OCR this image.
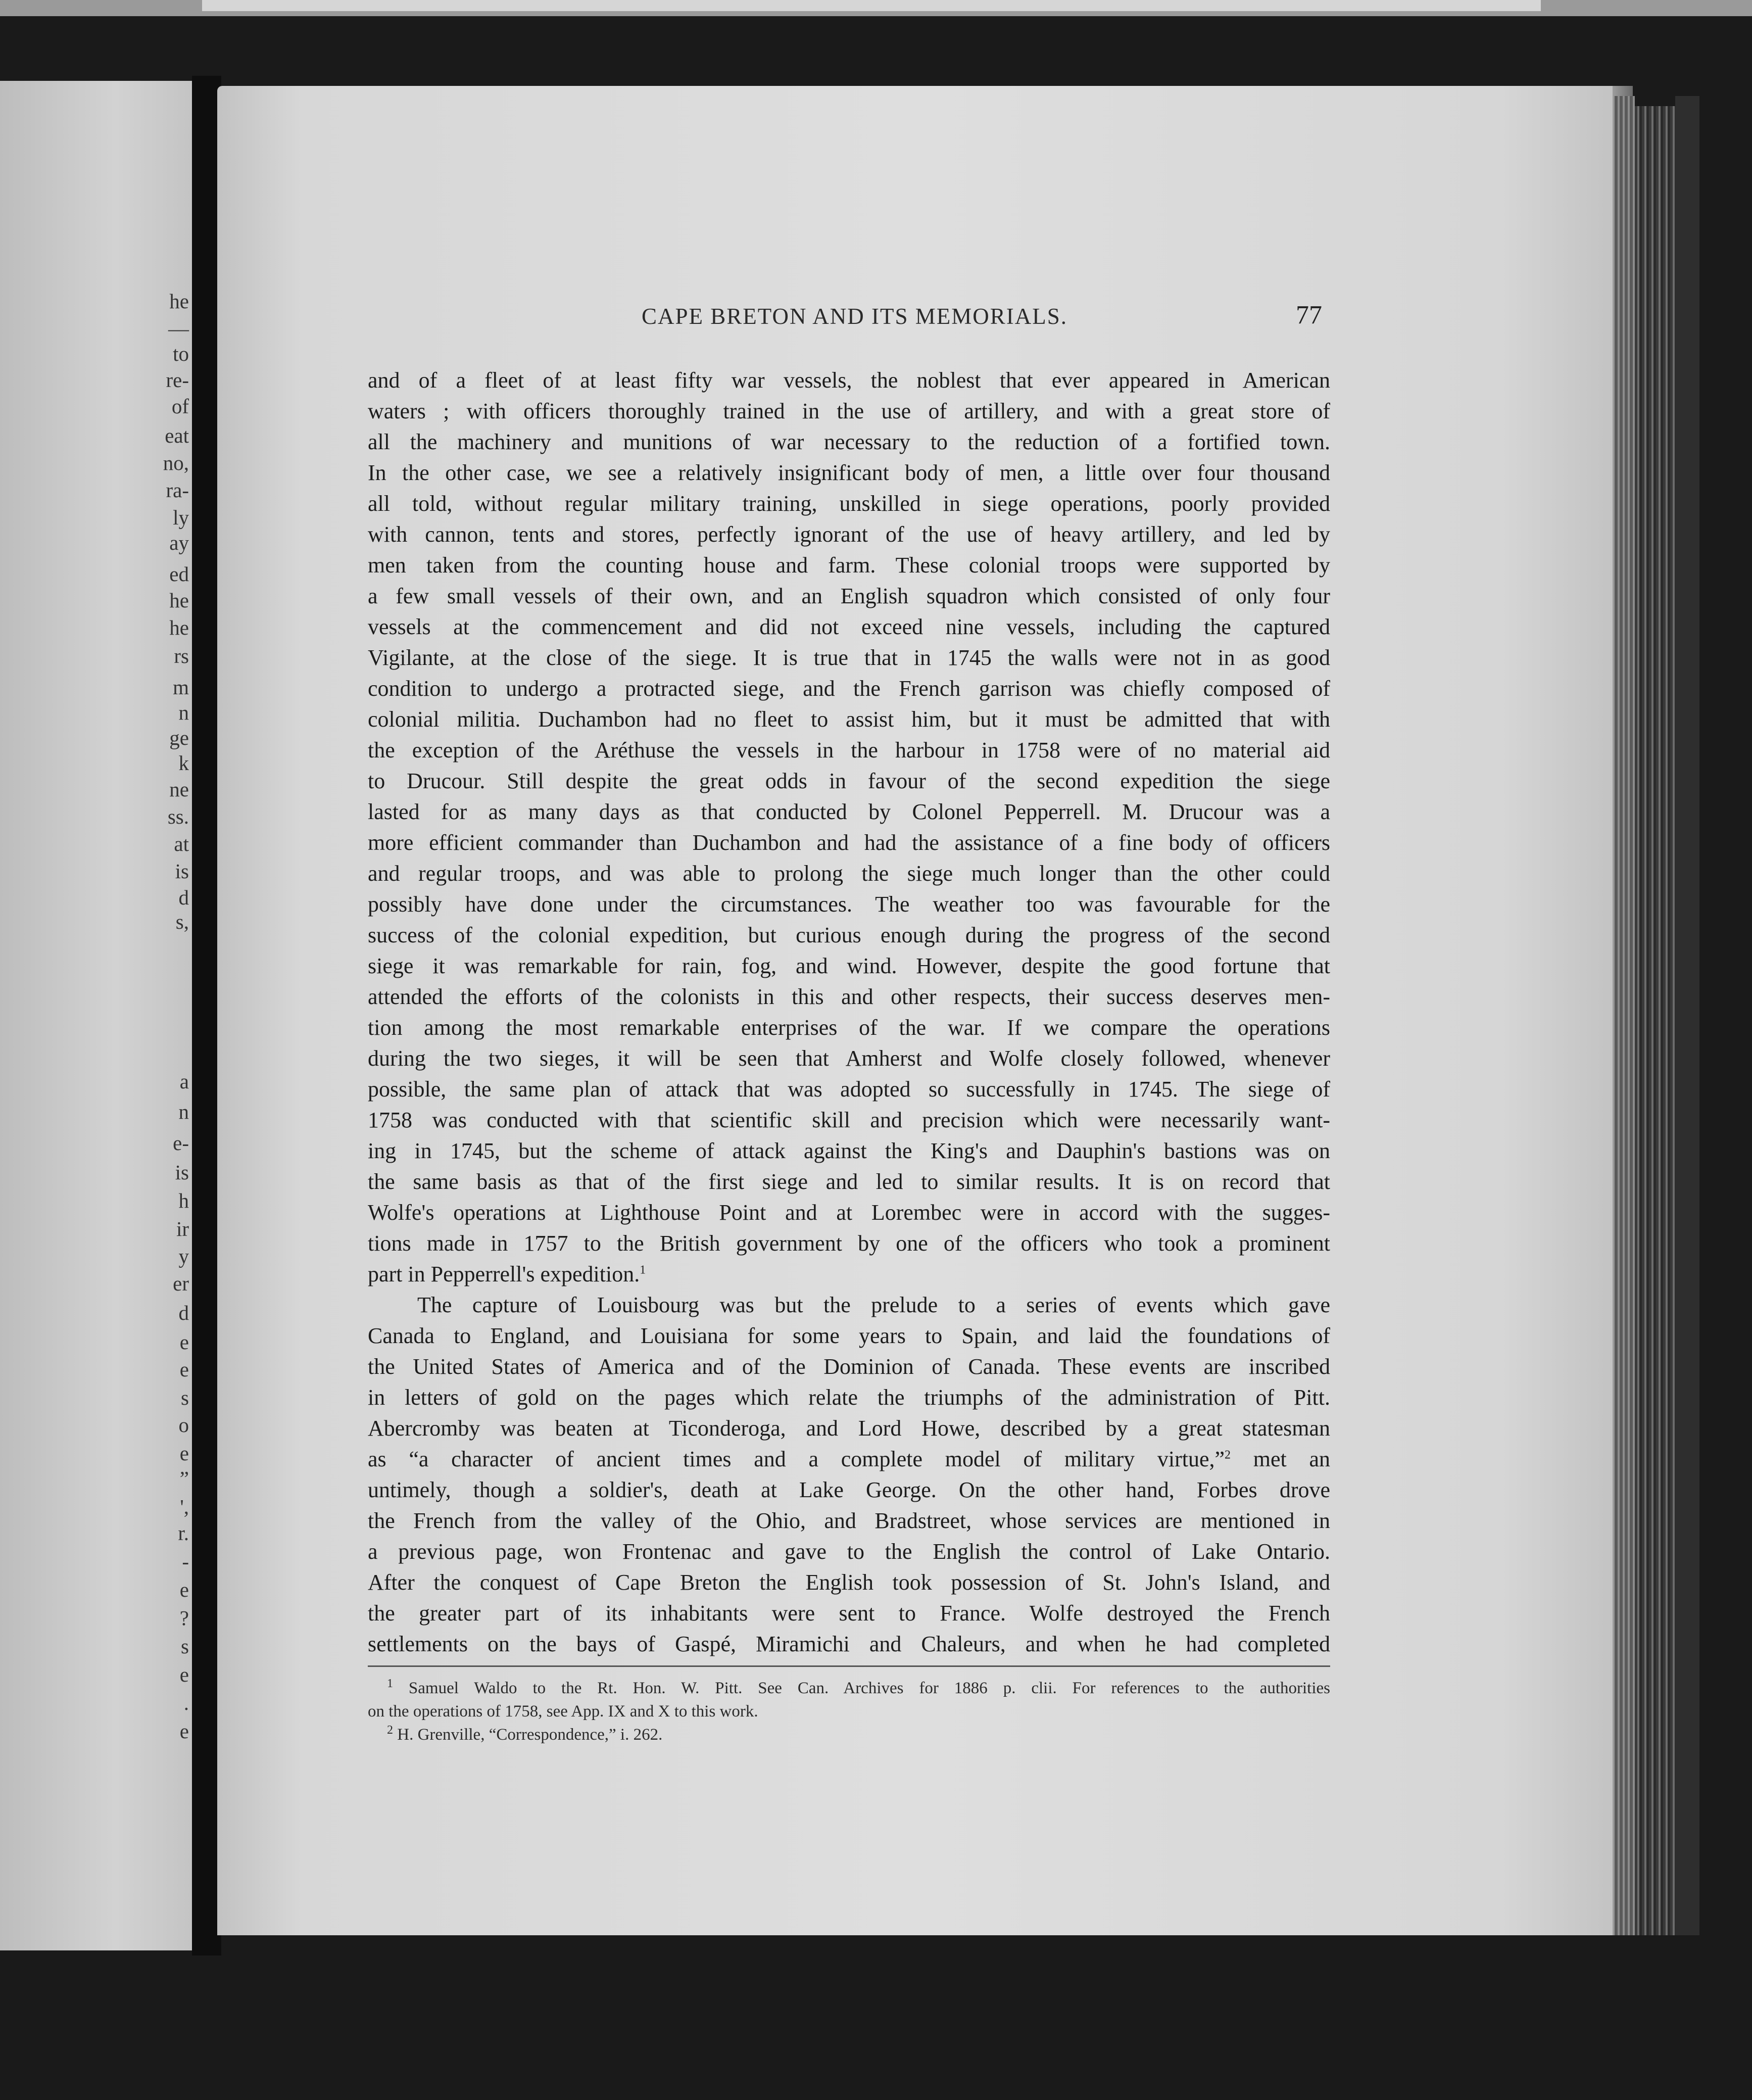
he
—
to
re-
of
eat
no,
ra-
ly
ay
ed
he
he
rs
m
n
ge
k
ne
ss.
at
is
d
s,
a
n
e-
is
h
ir
y
er
d
e
e
s
o
e
”
',
r.
-
e
?
s
e
.
e
CAPE BRETON AND ITS MEMORIALS.	77
and of a fleet of at least fifty war vessels, the noblest that ever appeared in American
waters ; with officers thoroughly trained in the use of artillery, and with a great store of
all the machinery and munitions of war necessary to the reduction of a fortified town.
In the other case, we see a relatively insignificant body of men, a little over four thousand
all told, without regular military training, unskilled in siege operations, poorly provided
with cannon, tents and stores, perfectly ignorant of the use of heavy artillery, and led by
men taken from the counting house and farm. These colonial troops were supported by
a few small vessels of their own, and an English squadron which consisted of only four
vessels at the commencement and did not exceed nine vessels, including the captured
Vigilante, at the close of the siege. It is true that in 1745 the walls were not in as good
condition to undergo a protracted siege, and the French garrison was chiefly composed of
colonial militia. Duchambon had no fleet to assist him, but it must be admitted that with
the exception of the Aréthuse the vessels in the harbour in 1758 were of no material aid
to Drucour. Still despite the great odds in favour of the second expedition the siege
lasted for as many days as that conducted by Colonel Pepperrell. M. Drucour was a
more efficient commander than Duchambon and had the assistance of a fine body of officers
and regular troops, and was able to prolong the siege much longer than the other could
possibly have done under the circumstances. The weather too was favourable for the
success of the colonial expedition, but curious enough during the progress of the second
siege it was remarkable for rain, fog, and wind. However, despite the good fortune that
attended the efforts of the colonists in this and other respects, their success deserves men-
tion among the most remarkable enterprises of the war. If we compare the operations
during the two sieges, it will be seen that Amherst and Wolfe closely followed, whenever
possible, the same plan of attack that was adopted so successfully in 1745. The siege of
1758 was conducted with that scientific skill and precision which were necessarily want-
ing in 1745, but the scheme of attack against the King's and Dauphin's bastions was on
the same basis as that of the first siege and led to similar results. It is on record that
Wolfe's operations at Lighthouse Point and at Lorembec were in accord with the sugges-
tions made in 1757 to the British government by one of the officers who took a prominent
part in Pepperrell's expedition.$^1$
The capture of Louisbourg was but the prelude to a series of events which gave
Canada to England, and Louisiana for some years to Spain, and laid the foundations of
the United States of America and of the Dominion of Canada. These events are inscribed
in letters of gold on the pages which relate the triumphs of the administration of Pitt.
Abercromby was beaten at Ticonderoga, and Lord Howe, described by a great statesman
as “a character of ancient times and a complete model of military virtue,”$^2$ met an
untimely, though a soldier's, death at Lake George. On the other hand, Forbes drove
the French from the valley of the Ohio, and Bradstreet, whose services are mentioned in
a previous page, won Frontenac and gave to the English the control of Lake Ontario.
After the conquest of Cape Breton the English took possession of St. John's Island, and
the greater part of its inhabitants were sent to France. Wolfe destroyed the French
settlements on the bays of Gaspé, Miramichi and Chaleurs, and when he had completed
$^1$ Samuel Waldo to the Rt. Hon. W. Pitt. See Can. Archives for 1886 p. clii. For references to the authorities
on the operations of 1758, see App. IX and X to this work.
$^2$ H. Grenville, “Correspondence,” i. 262.
